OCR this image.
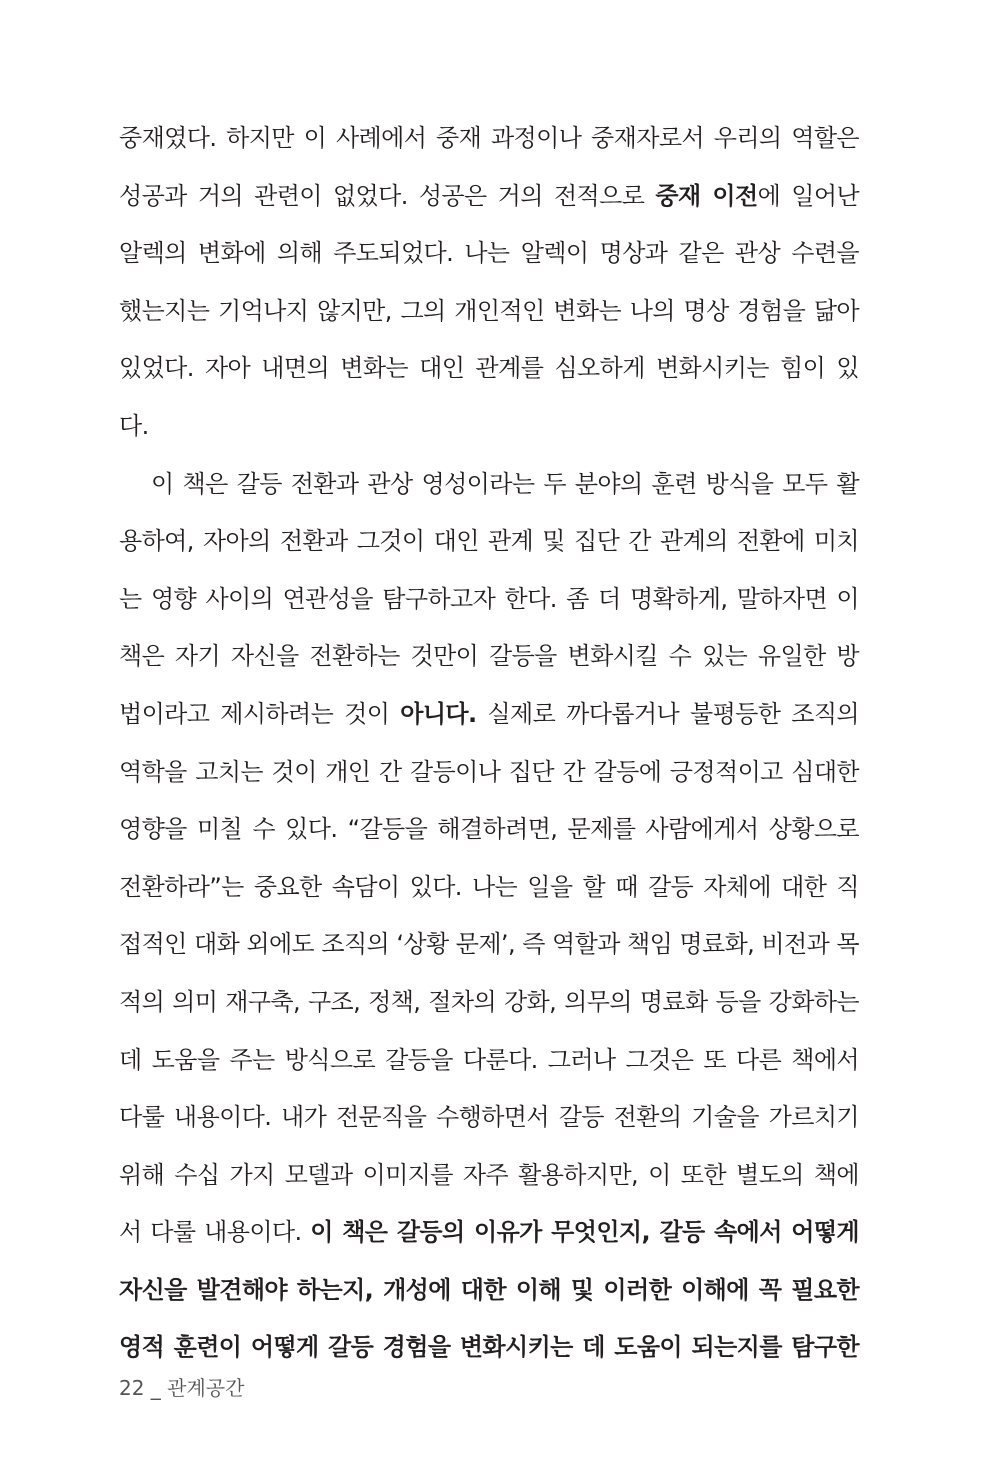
중재였다. 하지만 이 사례에서 중재 과정이나 중재자로서 우리의 역할은
성공과 거의 관련이 없었다. 성공은 거의 전적으로 중재 이전에 일어난
알렉의 변화에 의해 주도되었다. 나는 알렉이 명상과 같은 관상 수련을
했는지는 기억나지 않지만, 그의 개인적인 변화는 나의 명상 경험을 닮아
있었다. 자아 내면의 변화는 대인 관계를 심오하게 변화시키는 힘이 있
다.
이 책은 갈등 전환과 관상 영성이라는 두 분야의 훈련 방식을 모두 활
용하여, 자아의 전환과 그것이 대인 관계 및 집단 간 관계의 전환에 미치
는 영향 사이의 연관성을 탐구하고자 한다. 좀 더 명확하게, 말하자면 이
책은 자기 자신을 전환하는 것만이 갈등을 변화시킬 수 있는 유일한 방
법이라고 제시하려는 것이 아니다. 실제로 까다롭거나 불평등한 조직의
역학을 고치는 것이 개인 간 갈등이나 집단 간 갈등에 긍정적이고 심대한
영향을 미칠 수 있다. “갈등을 해결하려면, 문제를 사람에게서 상황으로
전환하라”는 중요한 속담이 있다. 나는 일을 할 때 갈등 자체에 대한 직
접적인 대화 외에도 조직의 ‘상황 문제’, 즉 역할과 책임 명료화, 비전과 목
적의 의미 재구축, 구조, 정책, 절차의 강화, 의무의 명료화 등을 강화하는
데 도움을 주는 방식으로 갈등을 다룬다. 그러나 그것은 또 다른 책에서
다룰 내용이다. 내가 전문직을 수행하면서 갈등 전환의 기술을 가르치기
위해 수십 가지 모델과 이미지를 자주 활용하지만, 이 또한 별도의 책에
서 다룰 내용이다. 이 책은 갈등의 이유가 무엇인지, 갈등 속에서 어떻게
자신을 발견해야 하는지, 개성에 대한 이해 및 이러한 이해에 꼭 필요한
영적 훈련이 어떻게 갈등 경험을 변화시키는 데 도움이 되는지를 탐구한
22 _ 관계공간
